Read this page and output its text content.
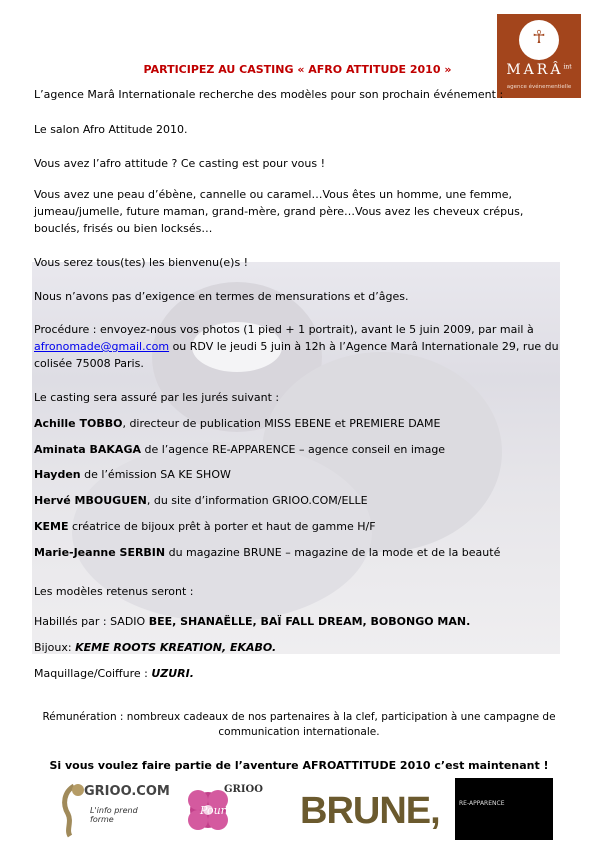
☥
$MARÂ^{int}$
agence événementielle
PARTICIPEZ AU CASTING « AFRO ATTITUDE 2010 »
L’agence Marâ Internationale recherche des modèles pour son prochain événement :
Le salon Afro Attitude 2010.
Vous avez l’afro attitude ? Ce casting est pour vous !
Vous avez une peau d’ébène, cannelle ou caramel…Vous êtes un homme, une femme, jumeau/jumelle, future maman, grand-mère, grand père…Vous avez les cheveux crépus, bouclés, frisés ou bien locksés…
Vous serez tous(tes) les bienvenu(e)s !
Nous n’avons pas d’exigence en termes de mensurations et d’âges.
Procédure : envoyez-nous vos photos (1 pied + 1 portrait), avant le 5 juin 2009, par mail à
afronomade@gmail.com ou RDV le jeudi 5 juin à 12h à l’Agence Marâ Internationale 29, rue du
colisée 75008 Paris.
Le casting sera assuré par les jurés suivant :
Achille TOBBO, directeur de publication MISS EBENE et PREMIERE DAME
Aminata BAKAGA de l’agence RE-APPARENCE – agence conseil en image
Hayden de l’émission SA KE SHOW
Hervé MBOUGUEN, du site d’information GRIOO.COM/ELLE
KEME créatrice de bijoux prêt à porter et haut de gamme H/F
Marie-Jeanne SERBIN du magazine BRUNE – magazine de la mode et de la beauté
Les modèles retenus seront :
Habillés par : SADIO BEE, SHANAËLLE, BAÏ FALL DREAM, BOBONGO MAN.
Bijoux: KEME ROOTS KREATION, EKABO.
Maquillage/Coiffure : UZURI.
Rémunération : nombreux cadeaux de nos partenaires à la clef, participation à une campagne de communication internationale.
Si vous voulez faire partie de l’aventure AFROATTITUDE 2010 c’est maintenant !
GRIOO.COM
L'info prend forme
GRIOO
Pour elle BRUNE,	RE-APPARENCE
